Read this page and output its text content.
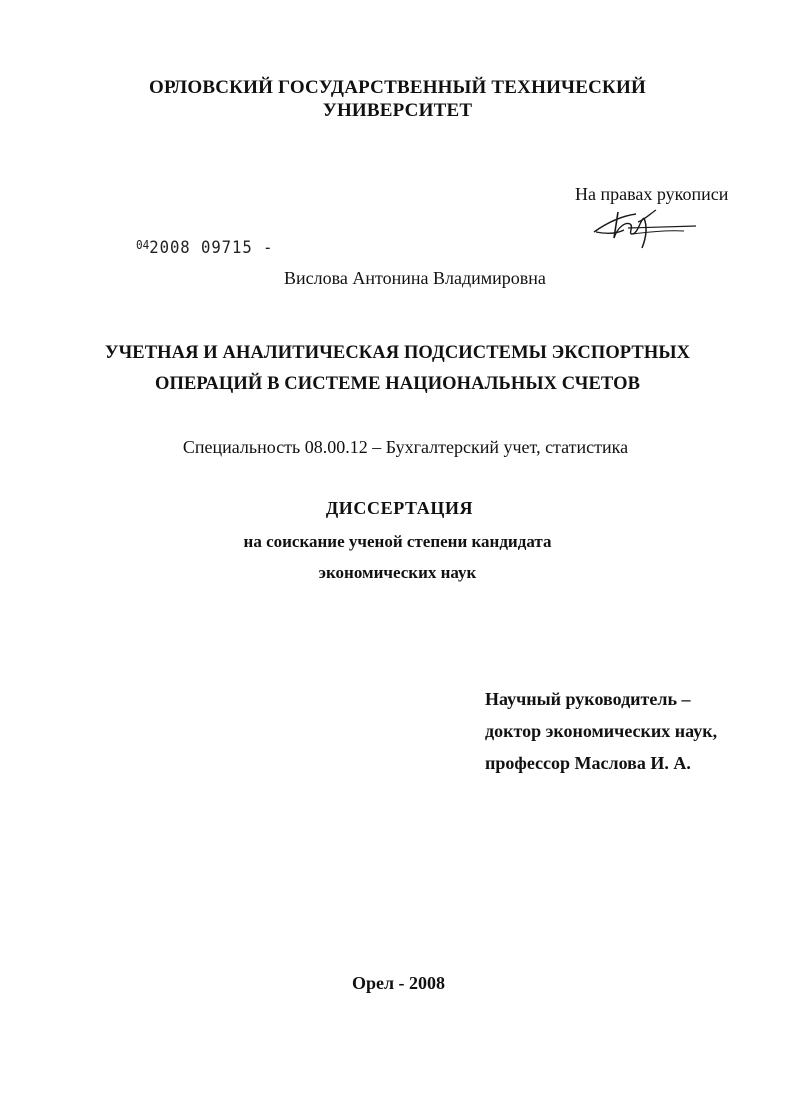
ОРЛОВСКИЙ ГОСУДАРСТВЕННЫЙ ТЕХНИЧЕСКИЙ
УНИВЕРСИТЕТ
На правах рукописи
$^{04}$2008 09715 -
Вислова Антонина Владимировна
УЧЕТНАЯ И АНАЛИТИЧЕСКАЯ ПОДСИСТЕМЫ ЭКСПОРТНЫХ
ОПЕРАЦИЙ В СИСТЕМЕ НАЦИОНАЛЬНЫХ СЧЕТОВ
Специальность 08.00.12 – Бухгалтерский учет, статистика
ДИССЕРТАЦИЯ
на соискание ученой степени кандидата
экономических наук
Научный руководитель –
доктор экономических наук,
профессор Маслова И. А.
Орел - 2008
